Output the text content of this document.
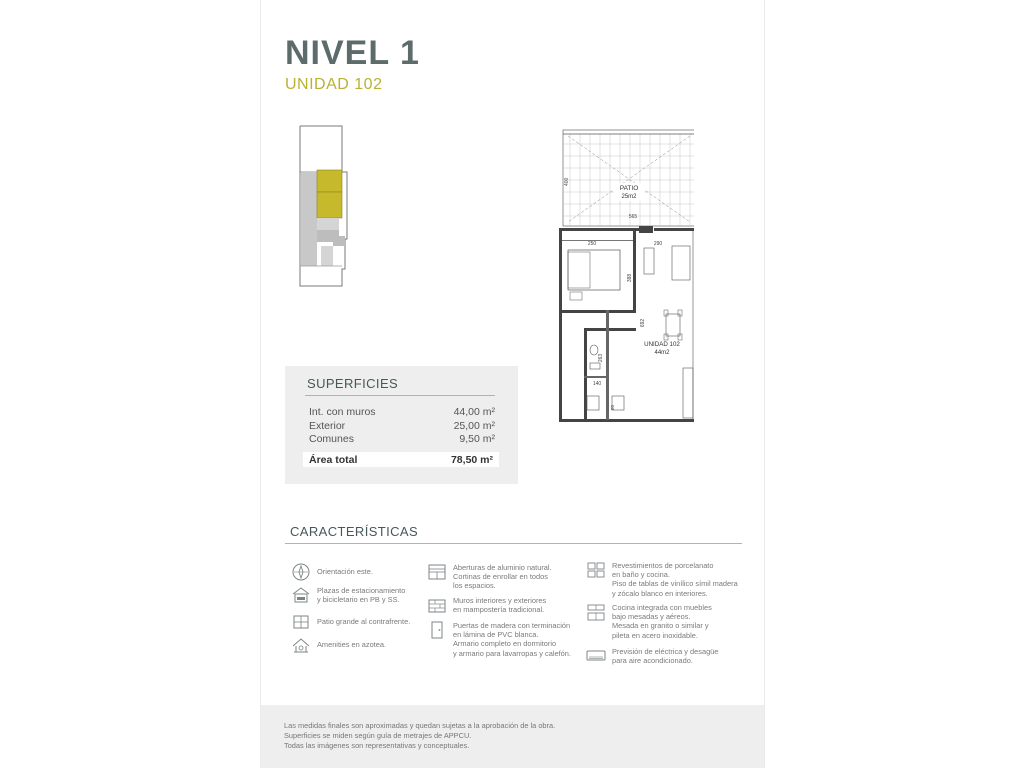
NIVEL 1
UNIDAD 102
400
PATIO
25m2
565
250	290
388
692
UNIDAD 102
44m2
263
140
80
SUPERFICIES
Int. con muros	44,00 m²
Exterior	25,00 m²
Comunes	9,50 m²
Área total	78,50 m²
CARACTERÍSTICAS
Orientación este.
Plazas de estacionamiento
y bicicletario en PB y SS.
Patio grande al contrafrente.
Amenities en azotea.
Aberturas de aluminio natural.
Cortinas de enrollar en todos
los espacios.
Muros interiores y exteriores
en mampostería tradicional.
Puertas de madera con terminación
en lámina de PVC blanca.
Armario completo en dormitorio
y armario para lavarropas y calefón.
Revestimientos de porcelanato
en baño y cocina.
Piso de tablas de vinílico símil madera
y zócalo blanco en interiores.
Cocina integrada con muebles
bajo mesadas y aéreos.
Mesada en granito o similar y
pileta en acero inoxidable.
Previsión de eléctrica y desagüe
para aire acondicionado.
Las medidas finales son aproximadas y quedan sujetas a la aprobación de la obra.
Superficies se miden según guía de metrajes de APPCU.
Todas las imágenes son representativas y conceptuales.
